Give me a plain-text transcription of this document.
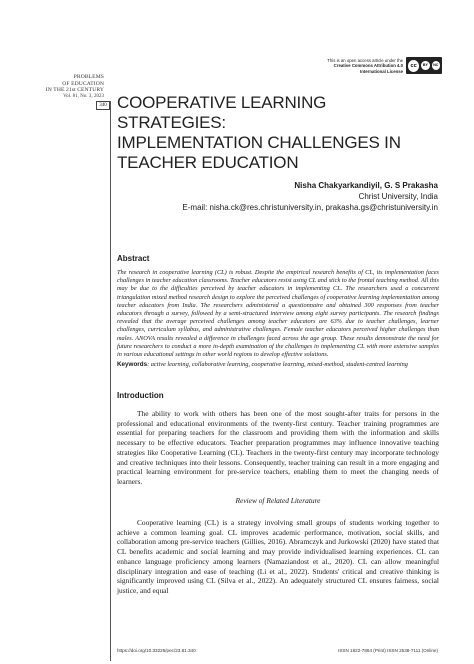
PROBLEMS
OF EDUCATION
IN THE 21st CENTURY
Vol. 81, No. 3, 2023
340
This is an open access article under the
Creative Commons Attribution 4.0
International License
cc	BY	NC
COOPERATIVE LEARNING STRATEGIES:
IMPLEMENTATION CHALLENGES IN
TEACHER EDUCATION
Nisha Chakyarkandiyil, G. S Prakasha
Christ University, India
E-mail: nisha.ck@res.christuniversity.in, prakasha.gs@christuniversity.in
Abstract
The research in cooperative learning (CL) is robust. Despite the empirical research benefits of CL, its implementation faces challenges in teacher education classrooms. Teacher educators resist using CL and stick to the frontal teaching method. All this may be due to the difficulties perceived by teacher educators in implementing CL. The researchers used a concurrent triangulation mixed method research design to explore the perceived challenges of cooperative learning implementation among teacher educators from India. The researchers administered a questionnaire and obtained 300 responses from teacher educators through a survey, followed by a semi-structured interview among eight survey participants. The research findings revealed that the average perceived challenges among teacher educators are 63% due to teacher challenges, learner challenges, curriculum syllabus, and administrative challenges. Female teacher educators perceived higher challenges than males. ANOVA results revealed a difference in challenges faced across the age group. These results demonstrate the need for future researchers to conduct a more in-depth examination of the challenges in implementing CL with more extensive samples in various educational settings in other world regions to develop effective solutions.
Keywords: active learning, collaborative learning, cooperative learning, mixed-method, student-centred learning
Introduction
The ability to work with others has been one of the most sought-after traits for persons in the professional and educational environments of the twenty-first century. Teacher training programmes are essential for preparing teachers for the classroom and providing them with the information and skills necessary to be effective educators. Teacher preparation programmes may influence innovative teaching strategies like Cooperative Learning (CL). Teachers in the twenty-first century may incorporate technology and creative techniques into their lessons. Consequently, teacher training can result in a more engaging and practical learning environment for pre-service teachers, enabling them to meet the changing needs of learners.
Review of Related Literature
Cooperative learning (CL) is a strategy involving small groups of students working together to achieve a common learning goal. CL improves academic performance, motivation, social skills, and collaboration among pre-service teachers (Gillies, 2016). Abramczyk and Jurkowski (2020) have stated that CL benefits academic and social learning and may provide individualised learning experiences. CL can enhance language proficiency among learners (Namaziandost et al., 2020). CL can allow meaningful disciplinary integration and ease of teaching (Li et al., 2022). Students' critical and creative thinking is significantly improved using CL (Silva et al., 2022). An adequately structured CL ensures fairness, social justice, and equal
https://doi.org/10.33225/pec/23.81.340	ISSN 1822-7864 (Print) ISSN 2538-7111 (Online)
